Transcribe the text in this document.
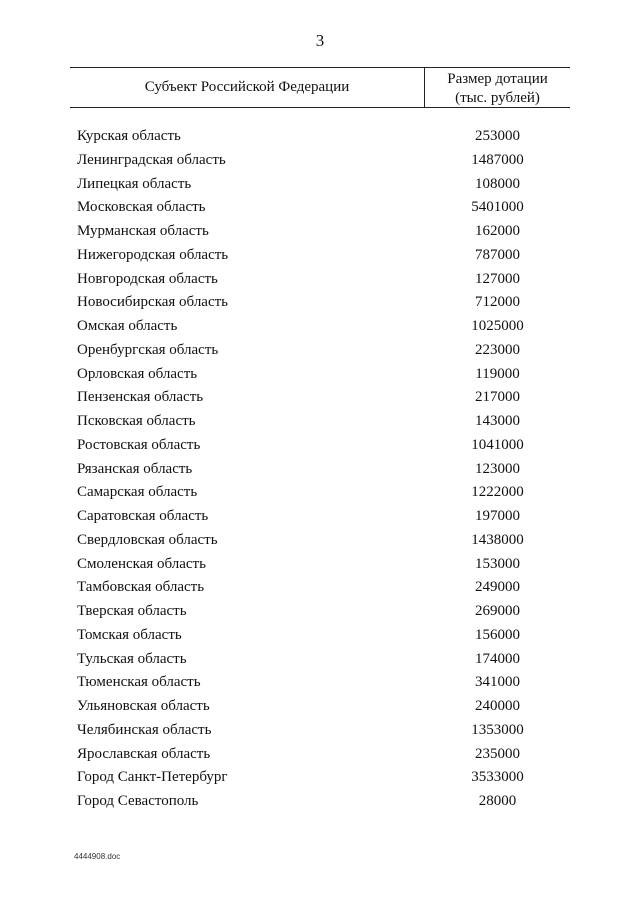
3
Субъект Российской Федерации	Размер дотации
(тыс. рублей)
Курская область	253000
Ленинградская область	1487000
Липецкая область	108000
Московская область	5401000
Мурманская область	162000
Нижегородская область	787000
Новгородская область	127000
Новосибирская область	712000
Омская область	1025000
Оренбургская область	223000
Орловская область	119000
Пензенская область	217000
Псковская область	143000
Ростовская область	1041000
Рязанская область	123000
Самарская область	1222000
Саратовская область	197000
Свердловская область	1438000
Смоленская область	153000
Тамбовская область	249000
Тверская область	269000
Томская область	156000
Тульская область	174000
Тюменская область	341000
Ульяновская область	240000
Челябинская область	1353000
Ярославская область	235000
Город Санкт-Петербург	3533000
Город Севастополь	28000
4444908.doc
